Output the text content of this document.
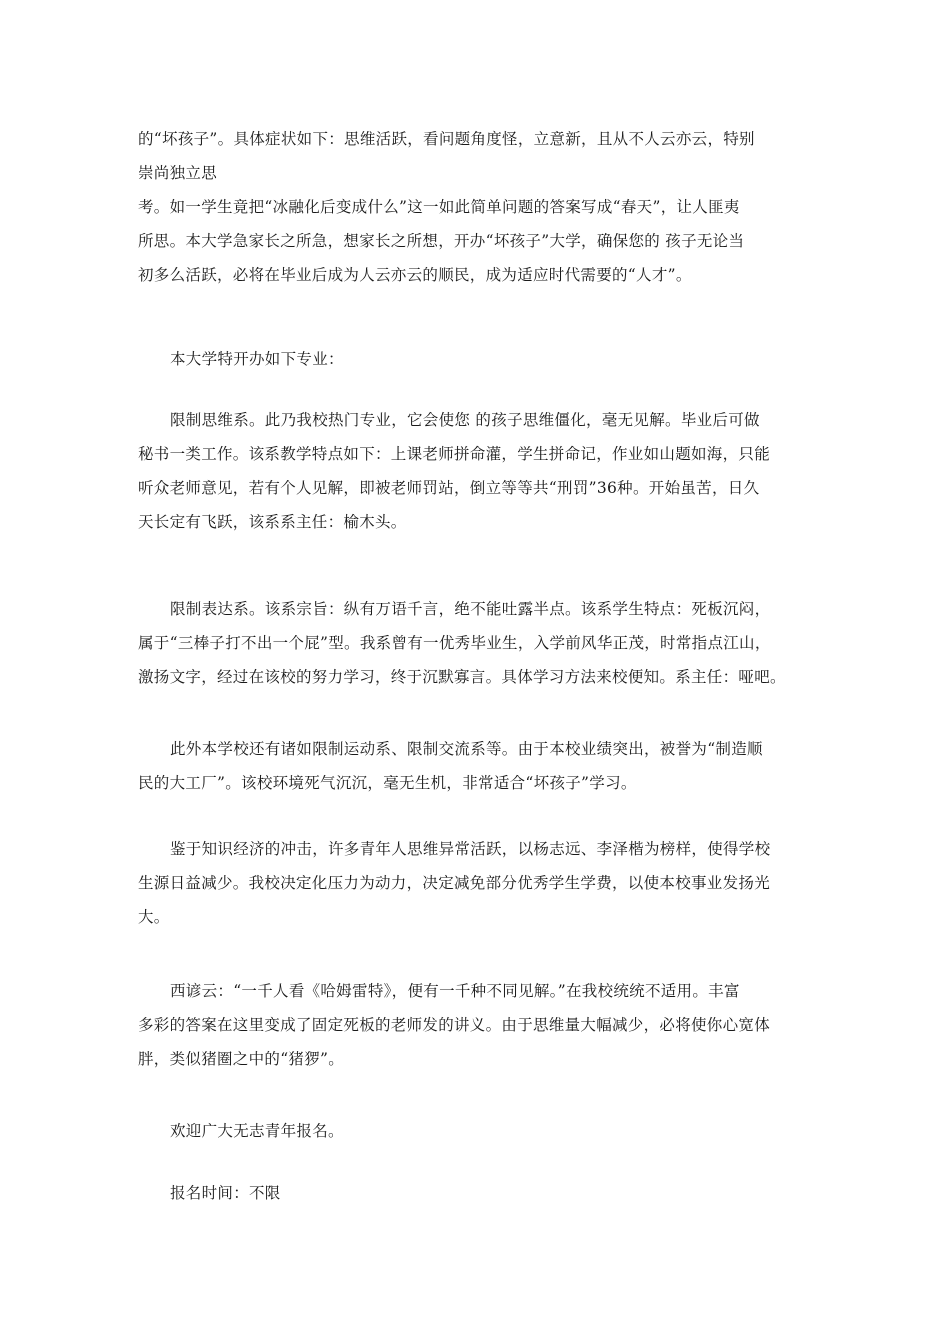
的“坏孩子”。具体症状如下：思维活跃，看问题角度怪，立意新，且从不人云亦云，特别

崇尚独立思

考。如一学生竟把“冰融化后变成什么”这一如此简单问题的答案写成“春天”，让人匪夷

所思。本大学急家长之所急，想家长之所想，开办“坏孩子”大学，确保您的 孩子无论当

初多么活跃，必将在毕业后成为人云亦云的顺民，成为适应时代需要的“人才”。

本大学特开办如下专业：

限制思维系。此乃我校热门专业，它会使您 的孩子思维僵化，毫无见解。毕业后可做

秘书一类工作。该系教学特点如下：上课老师拼命灌，学生拼命记，作业如山题如海，只能

听众老师意见，若有个人见解，即被老师罚站，倒立等等共“刑罚”36种。开始虽苦，日久

天长定有飞跃，该系系主任：榆木头。

限制表达系。该系宗旨：纵有万语千言，绝不能吐露半点。该系学生特点：死板沉闷，

属于“三棒子打不出一个屁”型。我系曾有一优秀毕业生，入学前风华正茂，时常指点江山，

激扬文字，经过在该校的努力学习，终于沉默寡言。具体学习方法来校便知。系主任：哑吧。

此外本学校还有诸如限制运动系、限制交流系等。由于本校业绩突出，被誉为“制造顺

民的大工厂”。该校环境死气沉沉，毫无生机，非常适合“坏孩子”学习。

鉴于知识经济的冲击，许多青年人思维异常活跃，以杨志远、李泽楷为榜样，使得学校

生源日益减少。我校决定化压力为动力，决定减免部分优秀学生学费，以使本校事业发扬光

大。

西谚云：“一千人看《哈姆雷特》，便有一千种不同见解。”在我校统统不适用。丰富

多彩的答案在这里变成了固定死板的老师发的讲义。由于思维量大幅减少，必将使你心宽体

胖，类似猪圈之中的“猪猡”。

欢迎广大无志青年报名。

报名时间：不限
